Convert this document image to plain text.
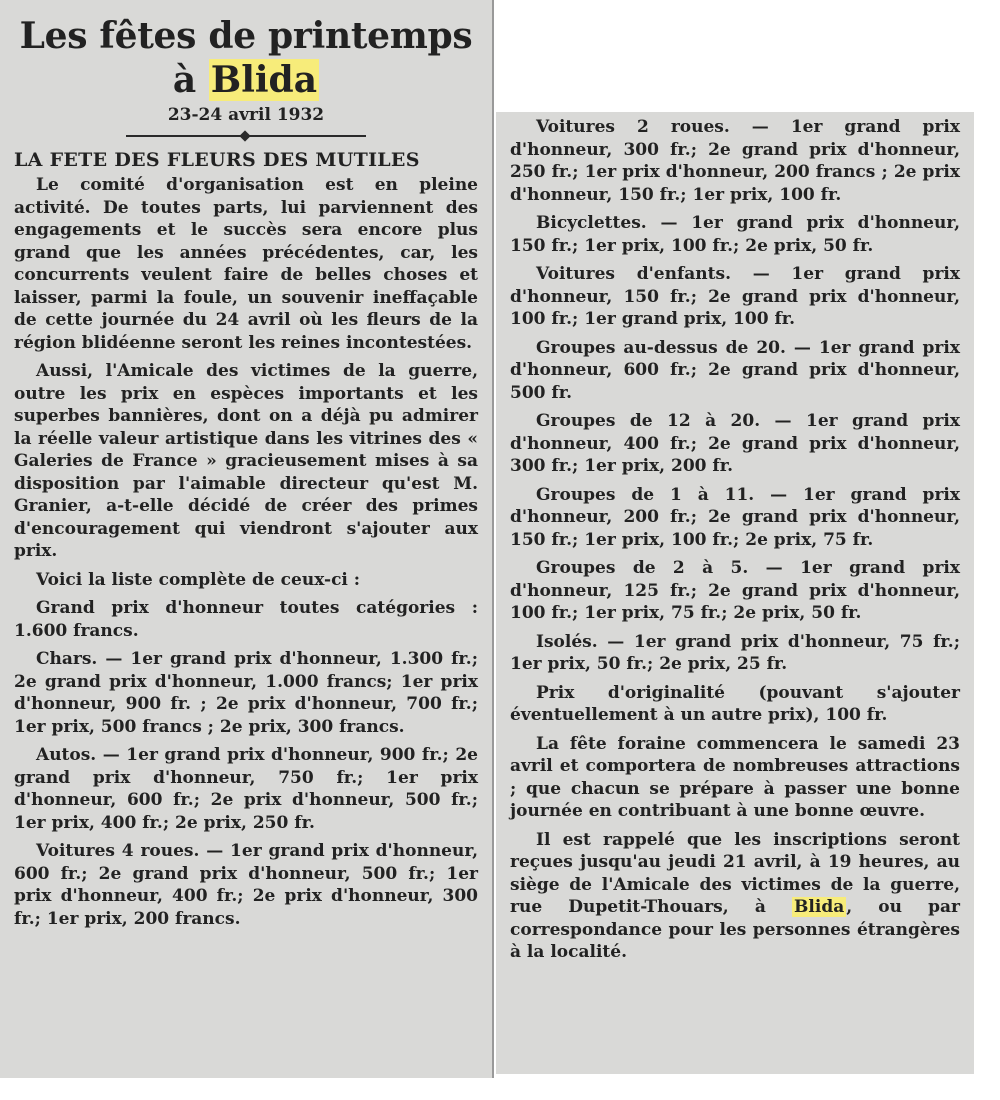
Les fêtes de printemps
à Blida
23-24 avril 1932
LA FETE DES FLEURS DES MUTILES

Le comité d'organisation est en pleine activité. De toutes parts, lui parviennent des engagements et le succès sera encore plus grand que les années précédentes, car, les concurrents veulent faire de belles choses et laisser, parmi la foule, un souvenir ineffaçable de cette journée du 24 avril où les fleurs de la région blidéenne seront les reines incontestées.

Aussi, l'Amicale des victimes de la guerre, outre les prix en espèces importants et les superbes bannières, dont on a déjà pu admirer la réelle valeur artistique dans les vitrines des « Galeries de France » gracieusement mises à sa disposition par l'aimable directeur qu'est M. Granier, a-t-elle décidé de créer des primes d'encouragement qui viendront s'ajouter aux prix.

Voici la liste complète de ceux-ci :

Grand prix d'honneur toutes catégories : 1.600 francs.

Chars. — 1er grand prix d'honneur, 1.300 fr.; 2e grand prix d'honneur, 1.000 francs; 1er prix d'honneur, 900 fr. ; 2e prix d'honneur, 700 fr.; 1er prix, 500 francs ; 2e prix, 300 francs.

Autos. — 1er grand prix d'honneur, 900 fr.; 2e grand prix d'honneur, 750 fr.; 1er prix d'honneur, 600 fr.; 2e prix d'honneur, 500 fr.; 1er prix, 400 fr.; 2e prix, 250 fr.

Voitures 4 roues. — 1er grand prix d'honneur, 600 fr.; 2e grand prix d'honneur, 500 fr.; 1er prix d'honneur, 400 fr.; 2e prix d'honneur, 300 fr.; 1er prix, 200 francs.

Voitures 2 roues. — 1er grand prix d'honneur, 300 fr.; 2e grand prix d'honneur, 250 fr.; 1er prix d'honneur, 200 francs ; 2e prix d'honneur, 150 fr.; 1er prix, 100 fr.

Bicyclettes. — 1er grand prix d'honneur, 150 fr.; 1er prix, 100 fr.; 2e prix, 50 fr.

Voitures d'enfants. — 1er grand prix d'honneur, 150 fr.; 2e grand prix d'honneur, 100 fr.; 1er grand prix, 100 fr.

Groupes au-dessus de 20. — 1er grand prix d'honneur, 600 fr.; 2e grand prix d'honneur, 500 fr.

Groupes de 12 à 20. — 1er grand prix d'honneur, 400 fr.; 2e grand prix d'honneur, 300 fr.; 1er prix, 200 fr.

Groupes de 1 à 11. — 1er grand prix d'honneur, 200 fr.; 2e grand prix d'honneur, 150 fr.; 1er prix, 100 fr.; 2e prix, 75 fr.

Groupes de 2 à 5. — 1er grand prix d'honneur, 125 fr.; 2e grand prix d'honneur, 100 fr.; 1er prix, 75 fr.; 2e prix, 50 fr.

Isolés. — 1er grand prix d'honneur, 75 fr.; 1er prix, 50 fr.; 2e prix, 25 fr.

Prix d'originalité (pouvant s'ajouter éventuellement à un autre prix), 100 fr.

La fête foraine commencera le samedi 23 avril et comportera de nombreuses attractions ; que chacun se prépare à passer une bonne journée en contribuant à une bonne œuvre.

Il est rappelé que les inscriptions seront reçues jusqu'au jeudi 21 avril, à 19 heures, au siège de l'Amicale des victimes de la guerre, rue Dupetit-Thouars, à Blida , ou par correspondance pour les personnes étrangères à la localité.
